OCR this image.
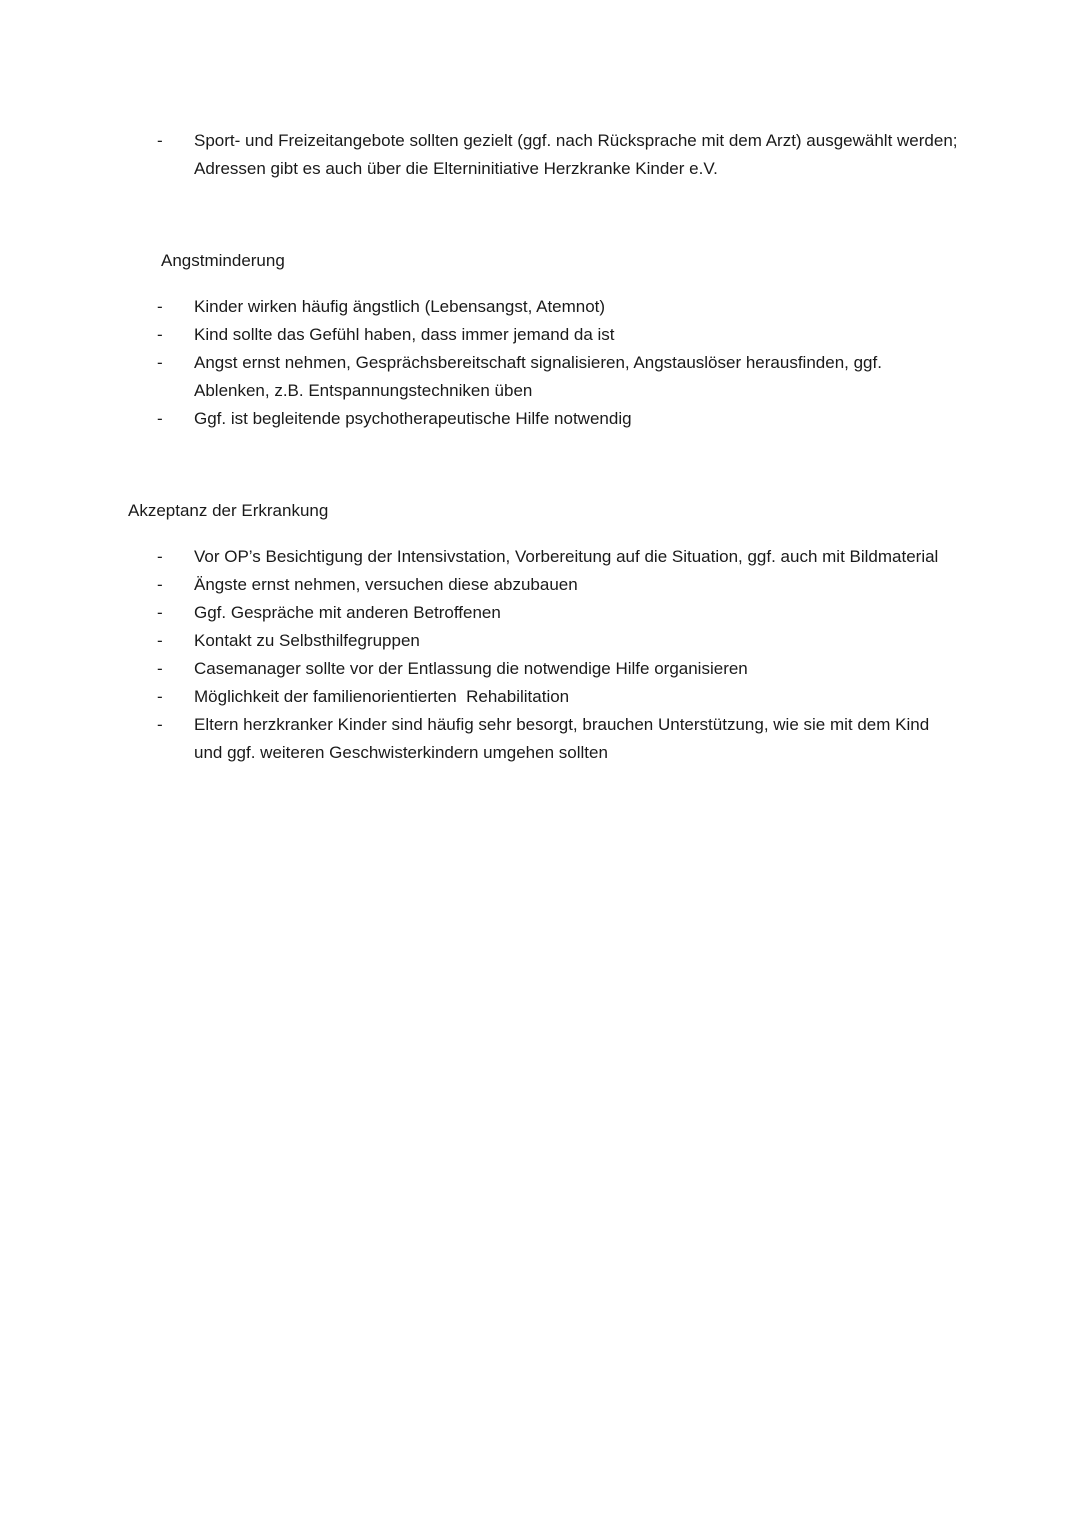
-	Sport- und Freizeitangebote sollten gezielt (ggf. nach Rücksprache mit dem Arzt) ausgewählt werden; Adressen gibt es auch über die Elterninitiative Herzkranke Kinder e.V.
Angstminderung
-	Kinder wirken häufig ängstlich (Lebensangst, Atemnot)
-	Kind sollte das Gefühl haben, dass immer jemand da ist
-	Angst ernst nehmen, Gesprächsbereitschaft signalisieren, Angstauslöser herausfinden, ggf. Ablenken, z.B. Entspannungstechniken üben
-	Ggf. ist begleitende psychotherapeutische Hilfe notwendig
Akzeptanz der Erkrankung
-	Vor OP’s Besichtigung der Intensivstation, Vorbereitung auf die Situation, ggf. auch mit Bildmaterial
-	Ängste ernst nehmen, versuchen diese abzubauen
-	Ggf. Gespräche mit anderen Betroffenen
-	Kontakt zu Selbsthilfegruppen
-	Casemanager sollte vor der Entlassung die notwendige Hilfe organisieren
-	Möglichkeit der familienorientierten  Rehabilitation
-	Eltern herzkranker Kinder sind häufig sehr besorgt, brauchen Unterstützung, wie sie mit dem Kind und ggf. weiteren Geschwisterkindern umgehen sollten
